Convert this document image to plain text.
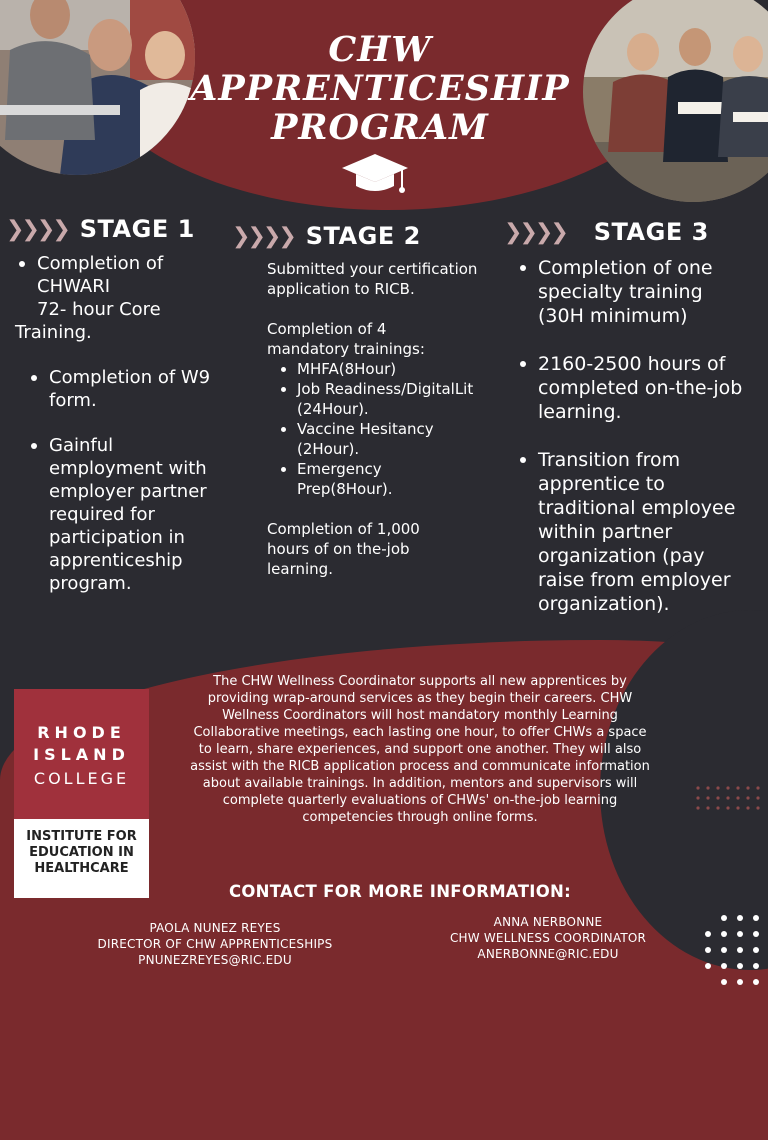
CHW
APPRENTICESHIP
PROGRAM
❯
❯
❯
❯ STAGE 1 ❯
❯
❯
❯ STAGE 2	❯
❯
❯
❯ STAGE 3
Completion of
CHWARI
72- hour Core
Training.
Completion of W9 form.
Gainful employment with employer partner required for participation in apprenticeship program.
Submitted your certification application to RICB.
Completion of 4 mandatory trainings:
MHFA(8Hour)
Job Readiness/DigitalLit (24Hour).
Vaccine Hesitancy (2Hour).
Emergency Prep(8Hour).
Completion of 1,000 hours of on the-job learning.
Completion of one specialty training (30H minimum)
2160-2500 hours of completed on-the-job learning.
Transition from apprentice to traditional employee within partner organization (pay raise from employer organization).
RHODE
ISLAND
COLLEGE
INSTITUTE FOR
EDUCATION IN
HEALTHCARE
The CHW Wellness Coordinator supports all new apprentices by providing wrap-around services as they begin their careers. CHW Wellness Coordinators will host mandatory monthly Learning Collaborative meetings, each lasting one hour, to offer CHWs a space to learn, share experiences, and support one another. They will also assist with the RICB application process and communicate information about available trainings. In addition, mentors and supervisors will complete quarterly evaluations of CHWs' on-the-job learning competencies through online forms.
CONTACT FOR MORE INFORMATION:
PAOLA NUNEZ REYES
DIRECTOR OF CHW APPRENTICESHIPS
PNUNEZREYES@RIC.EDU
ANNA NERBONNE
CHW WELLNESS COORDINATOR
ANERBONNE@RIC.EDU
